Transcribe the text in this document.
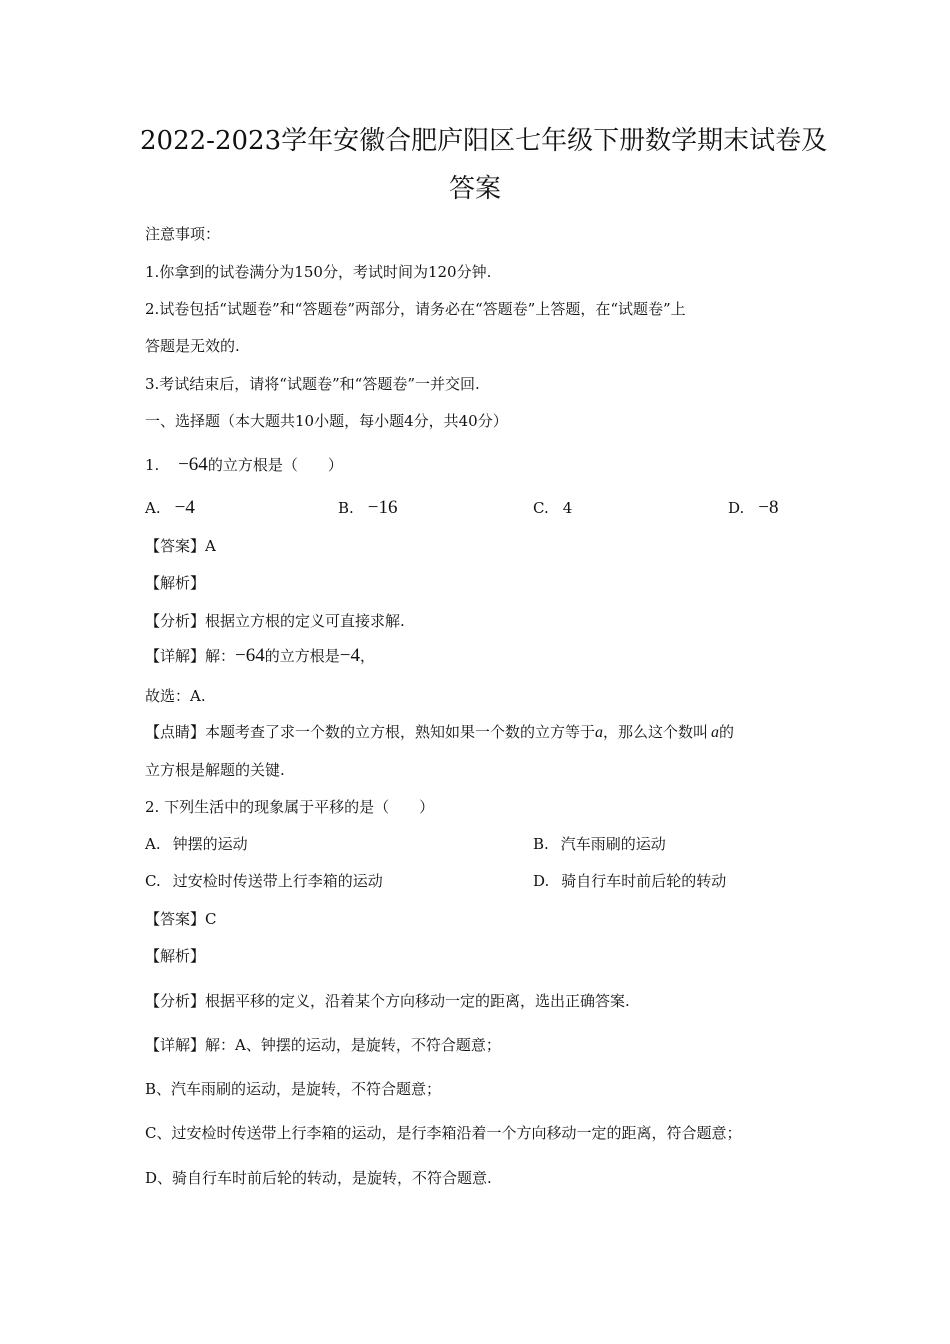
2022-2023学年安徽合肥庐阳区七年级下册数学期末试卷及
答案
注意事项：
1.你拿到的试卷满分为150分，考试时间为120分钟.
2.试卷包括“试题卷”和“答题卷”两部分，请务必在“答题卷”上答题，在“试题卷”上
答题是无效的.
3.考试结束后，请将“试题卷”和“答题卷”一并交回.
一、选择题（本大题共10小题，每小题4分，共40分）
1. −64的立方根是（　　）
A. −4	B. −16	C. 4	D. −8
【答案】A
【解析】
【分析】根据立方根的定义可直接求解.
【详解】解：−64的立方根是−4，
故选：A.
【点睛】本题考查了求一个数的立方根，熟知如果一个数的立方等于a，那么这个数叫 a的
立方根是解题的关键.
2. 下列生活中的现象属于平移的是（　　）
A. 钟摆的运动	B. 汽车雨刷的运动
C. 过安检时传送带上行李箱的运动	D. 骑自行车时前后轮的转动
【答案】C
【解析】
【分析】根据平移的定义，沿着某个方向移动一定的距离，选出正确答案.
【详解】解：A、钟摆的运动，是旋转，不符合题意；
B、汽车雨刷的运动，是旋转，不符合题意；
C、过安检时传送带上行李箱的运动，是行李箱沿着一个方向移动一定的距离，符合题意；
D、骑自行车时前后轮的转动，是旋转，不符合题意.
